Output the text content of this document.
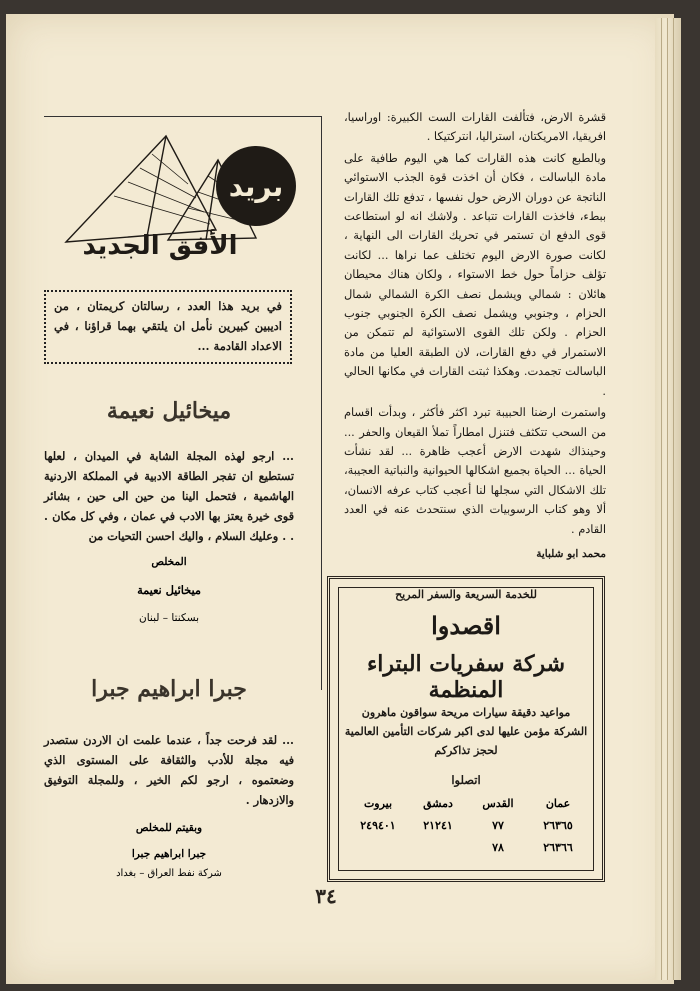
قشرة الارض، فتألفت القارات الست الكبيرة: اوراسيا، افريقيا، الامريكتان، استراليا، انتركتيكا .

وبالطبع كانت هذه القارات كما هي اليوم طافية على مادة الباسالت ، فكان أن اخذت قوة الجذب الاستوائي الناتجة عن دوران الارض حول نفسها ، تدفع تلك القارات ببطء، فاخذت القارات تتباعد . ولاشك انه لو استطاعت قوى الدفع ان تستمر في تحريك القارات الى النهاية ، لكانت صورة الارض اليوم تختلف عما نراها ... لكانت تؤلف حزاماً حول خط الاستواء ، ولكان هناك محيطان هائلان : شمالي ويشمل نصف الكرة الشمالي شمال الحزام ، وجنوبي ويشمل نصف الكرة الجنوبي جنوب الحزام . ولكن تلك القوى الاستوائية لم تتمكن من الاستمرار في دفع القارات، لان الطبقة العليا من مادة الباسالت تجمدت. وهكذا ثبتت القارات في مكانها الحالي .

واستمرت ارضنا الحبيبة تبرد اكثر فأكثر ، وبدأت اقسام من السحب تتكثف فتنزل امطاراً تملأ القيعان والحفر ... وحينذاك شهدت الارض أعجب ظاهرة ... لقد نشأت الحياة ... الحياة بجميع اشكالها الحيوانية والنباتية العجيبة، تلك الاشكال التي سجلها لنا أعجب كتاب عرفه الانسان، ألا وهو كتاب الرسوبيات الذي سنتحدث عنه في العدد القادم .

محمد ابو شلباية
بريد
الأفق الجديد
في بريد هذا العدد ، رسالتان كريمتان ، من اديبين كبيرين نأمل ان يلتقي بهما قراؤنا ، في الاعداد القادمة ...
ميخائيل نعيمة
... ارجو لهذه المجلة الشابة في الميدان ، لعلها تستطيع ان تفجر الطاقة الادبية في المملكة الاردنية الهاشمية ، فتحمل الينا من حين الى حين ، بشائر قوى خيرة يعتز بها الادب في عمان ، وفي كل مكان . . . وعليك السلام ، واليك احسن التحيات من
المخلص
ميخائيل نعيمة
بسكنتا – لبنان
جبرا ابراهيم جبرا
... لقد فرحت جداً ، عندما علمت ان الاردن ستصدر فيه مجلة للأدب والثقافة على المستوى الذي وضعتموه ، ارجو لكم الخير ، وللمجلة التوفيق والازدهار .
وبقيتم للمخلص
جبرا ابراهيم جبرا
شركة نفط العراق – بغداد
للخدمة السريعة والسفر المريح
اقصدوا
شركة سفريات البتراء المنظمة
مواعيد دقيقة سيارات مريحة سواقون ماهرون الشركة مؤمن عليها لدى اكبر شركات التأمين العالمية لحجز تذاكركم
اتصلوا
عمان
القدس
دمشق
بيروت
٢٦٣٦٥
٧٧
٢١٢٤١
٢٤٩٤٠١
٢٦٣٦٦
٧٨
٣٤
